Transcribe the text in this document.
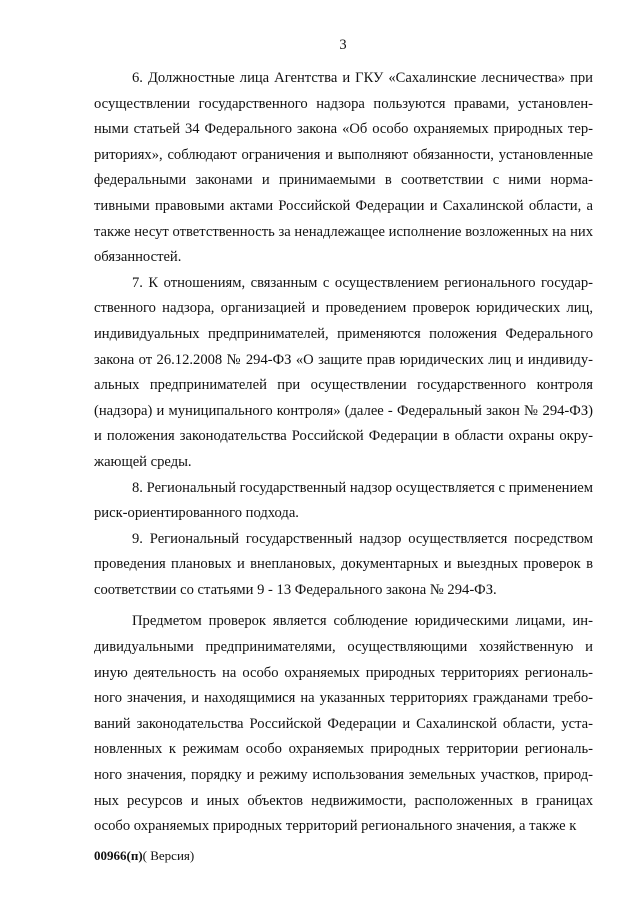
3

6. Должностные лица Агентства и ГКУ «Сахалинские лесничества» при осуществлении государственного надзора пользуются правами, установленными статьей 34 Федерального закона «Об особо охраняемых природных территориях», соблюдают ограничения и выполняют обязанности, установленные федеральными законами и принимаемыми в соответствии с ними нормативными правовыми актами Российской Федерации и Сахалинской области, а также несут ответственность за ненадлежащее исполнение возложенных на них обязанностей.

7. К отношениям, связанным с осуществлением регионального государственного надзора, организацией и проведением проверок юридических лиц, индивидуальных предпринимателей, применяются положения Федерального закона от 26.12.2008 № 294-ФЗ «О защите прав юридических лиц и индивидуальных предпринимателей при осуществлении государственного контроля (надзора) и муниципального контроля» (далее - Федеральный закон № 294-ФЗ) и положения законодательства Российской Федерации в области охраны окружающей среды.

8. Региональный государственный надзор осуществляется с применением риск-ориентированного подхода.

9. Региональный государственный надзор осуществляется посредством проведения плановых и внеплановых, документарных и выездных проверок в соответствии со статьями 9 - 13 Федерального закона № 294-ФЗ.

Предметом проверок является соблюдение юридическими лицами, индивидуальными предпринимателями, осуществляющими хозяйственную и иную деятельность на особо охраняемых природных территориях регионального значения, и находящимися на указанных территориях гражданами требований законодательства Российской Федерации и Сахалинской области, установленных к режимам особо охраняемых природных территории регионального значения, порядку и режиму использования земельных участков, природных ресурсов и иных объектов недвижимости, расположенных в границах особо охраняемых природных территорий регионального значения, а также к

00966(п)( Версия)
